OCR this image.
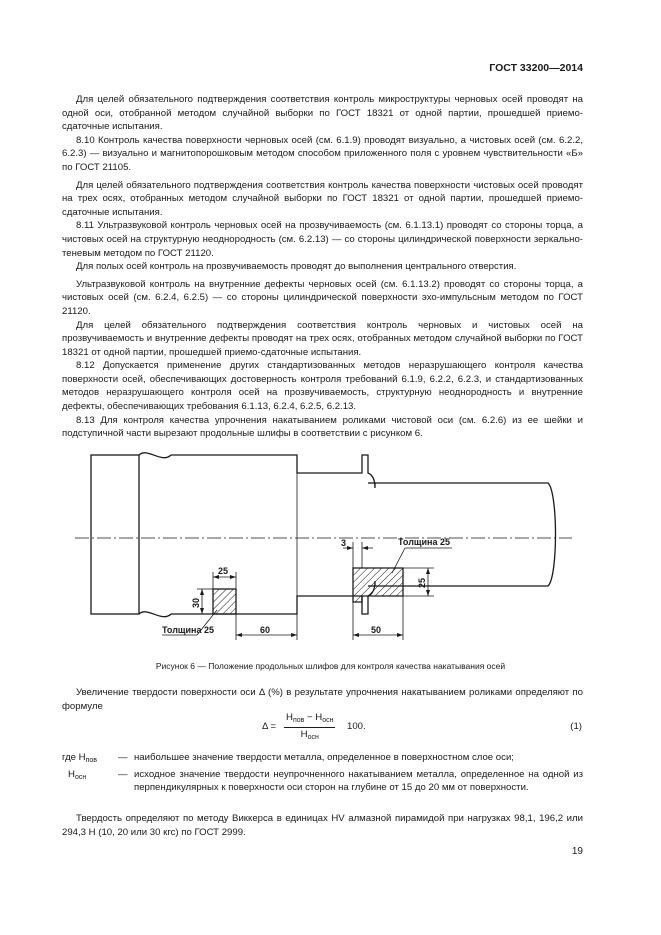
ГОСТ 33200—2014

Для целей обязательного подтверждения соответствия контроль микроструктуры черновых осей проводят на одной оси, отобранной методом случайной выборки по ГОСТ 18321 от одной партии, прошедшей приемо-сдаточные испытания.

8.10 Контроль качества поверхности черновых осей (см. 6.1.9) проводят визуально, а чистовых осей (см. 6.2.2, 6.2.3) — визуально и магнитопорошковым методом способом приложенного поля с уровнем чувствительности «Б» по ГОСТ 21105.

Для целей обязательного подтверждения соответствия контроль качества поверхности чистовых осей проводят на трех осях, отобранных методом случайной выборки по ГОСТ 18321 от одной партии, прошедшей приемо-сдаточные испытания.

8.11 Ультразвуковой контроль черновых осей на прозвучиваемость (см. 6.1.13.1) проводят со стороны торца, а чистовых осей на структурную неоднородность (см. 6.2.13) — со стороны цилиндрической поверхности зеркально-теневым методом по ГОСТ 21120.

Для полых осей контроль на прозвучиваемость проводят до выполнения центрального отверстия.

Ультразвуковой контроль на внутренние дефекты черновых осей (см. 6.1.13.2) проводят со стороны торца, а чистовых осей (см. 6.2.4, 6.2.5) — со стороны цилиндрической поверхности эхо-импульсным методом по ГОСТ 21120.

Для целей обязательного подтверждения соответствия контроль черновых и чистовых осей на прозвучиваемость и внутренние дефекты проводят на трех осях, отобранных методом случайной выборки по ГОСТ 18321 от одной партии, прошедшей приемо-сдаточные испытания.

8.12 Допускается применение других стандартизованных методов неразрушающего контроля качества поверхности осей, обеспечивающих достоверность контроля требований 6.1.9, 6.2.2, 6.2.3, и стандартизованных методов неразрушающего контроля осей на прозвучиваемость, структурную неоднородность и внутренние дефекты, обеспечивающих требования 6.1.13, 6.2.4, 6.2.5, 6.2.13.

8.13 Для контроля качества упрочнения накатыванием роликами чистовой оси (см. 6.2.6) из ее шейки и подступичной части вырезают продольные шлифы в соответствии с рисунком 6.

25
30
Толщина 25	60
3	Толщина 25
25
50
Рисунок 6 — Положение продольных шлифов для контроля качества накатывания осей

Увеличение твердости поверхности оси Δ (%) в результате упрочнения накатыванием роликами определяют по формуле

Δ =
$H_{пов} - H_{осн}$
$H_{осн}$
100.	(1)
где $H_{пов}$	— наибольшее значение твердости металла, определенное в поверхностном слое оси;
$H_{осн}$	— исходное значение твердости неупрочненного накатыванием металла, определенное на одной из перпендикулярных к поверхности оси сторон на глубине от 15 до 20 мм от поверхности.

Твердость определяют по методу Виккерса в единицах HV алмазной пирамидой при нагрузках 98,1, 196,2 или 294,3 Н (10, 20 или 30 кгс) по ГОСТ 2999.

19
